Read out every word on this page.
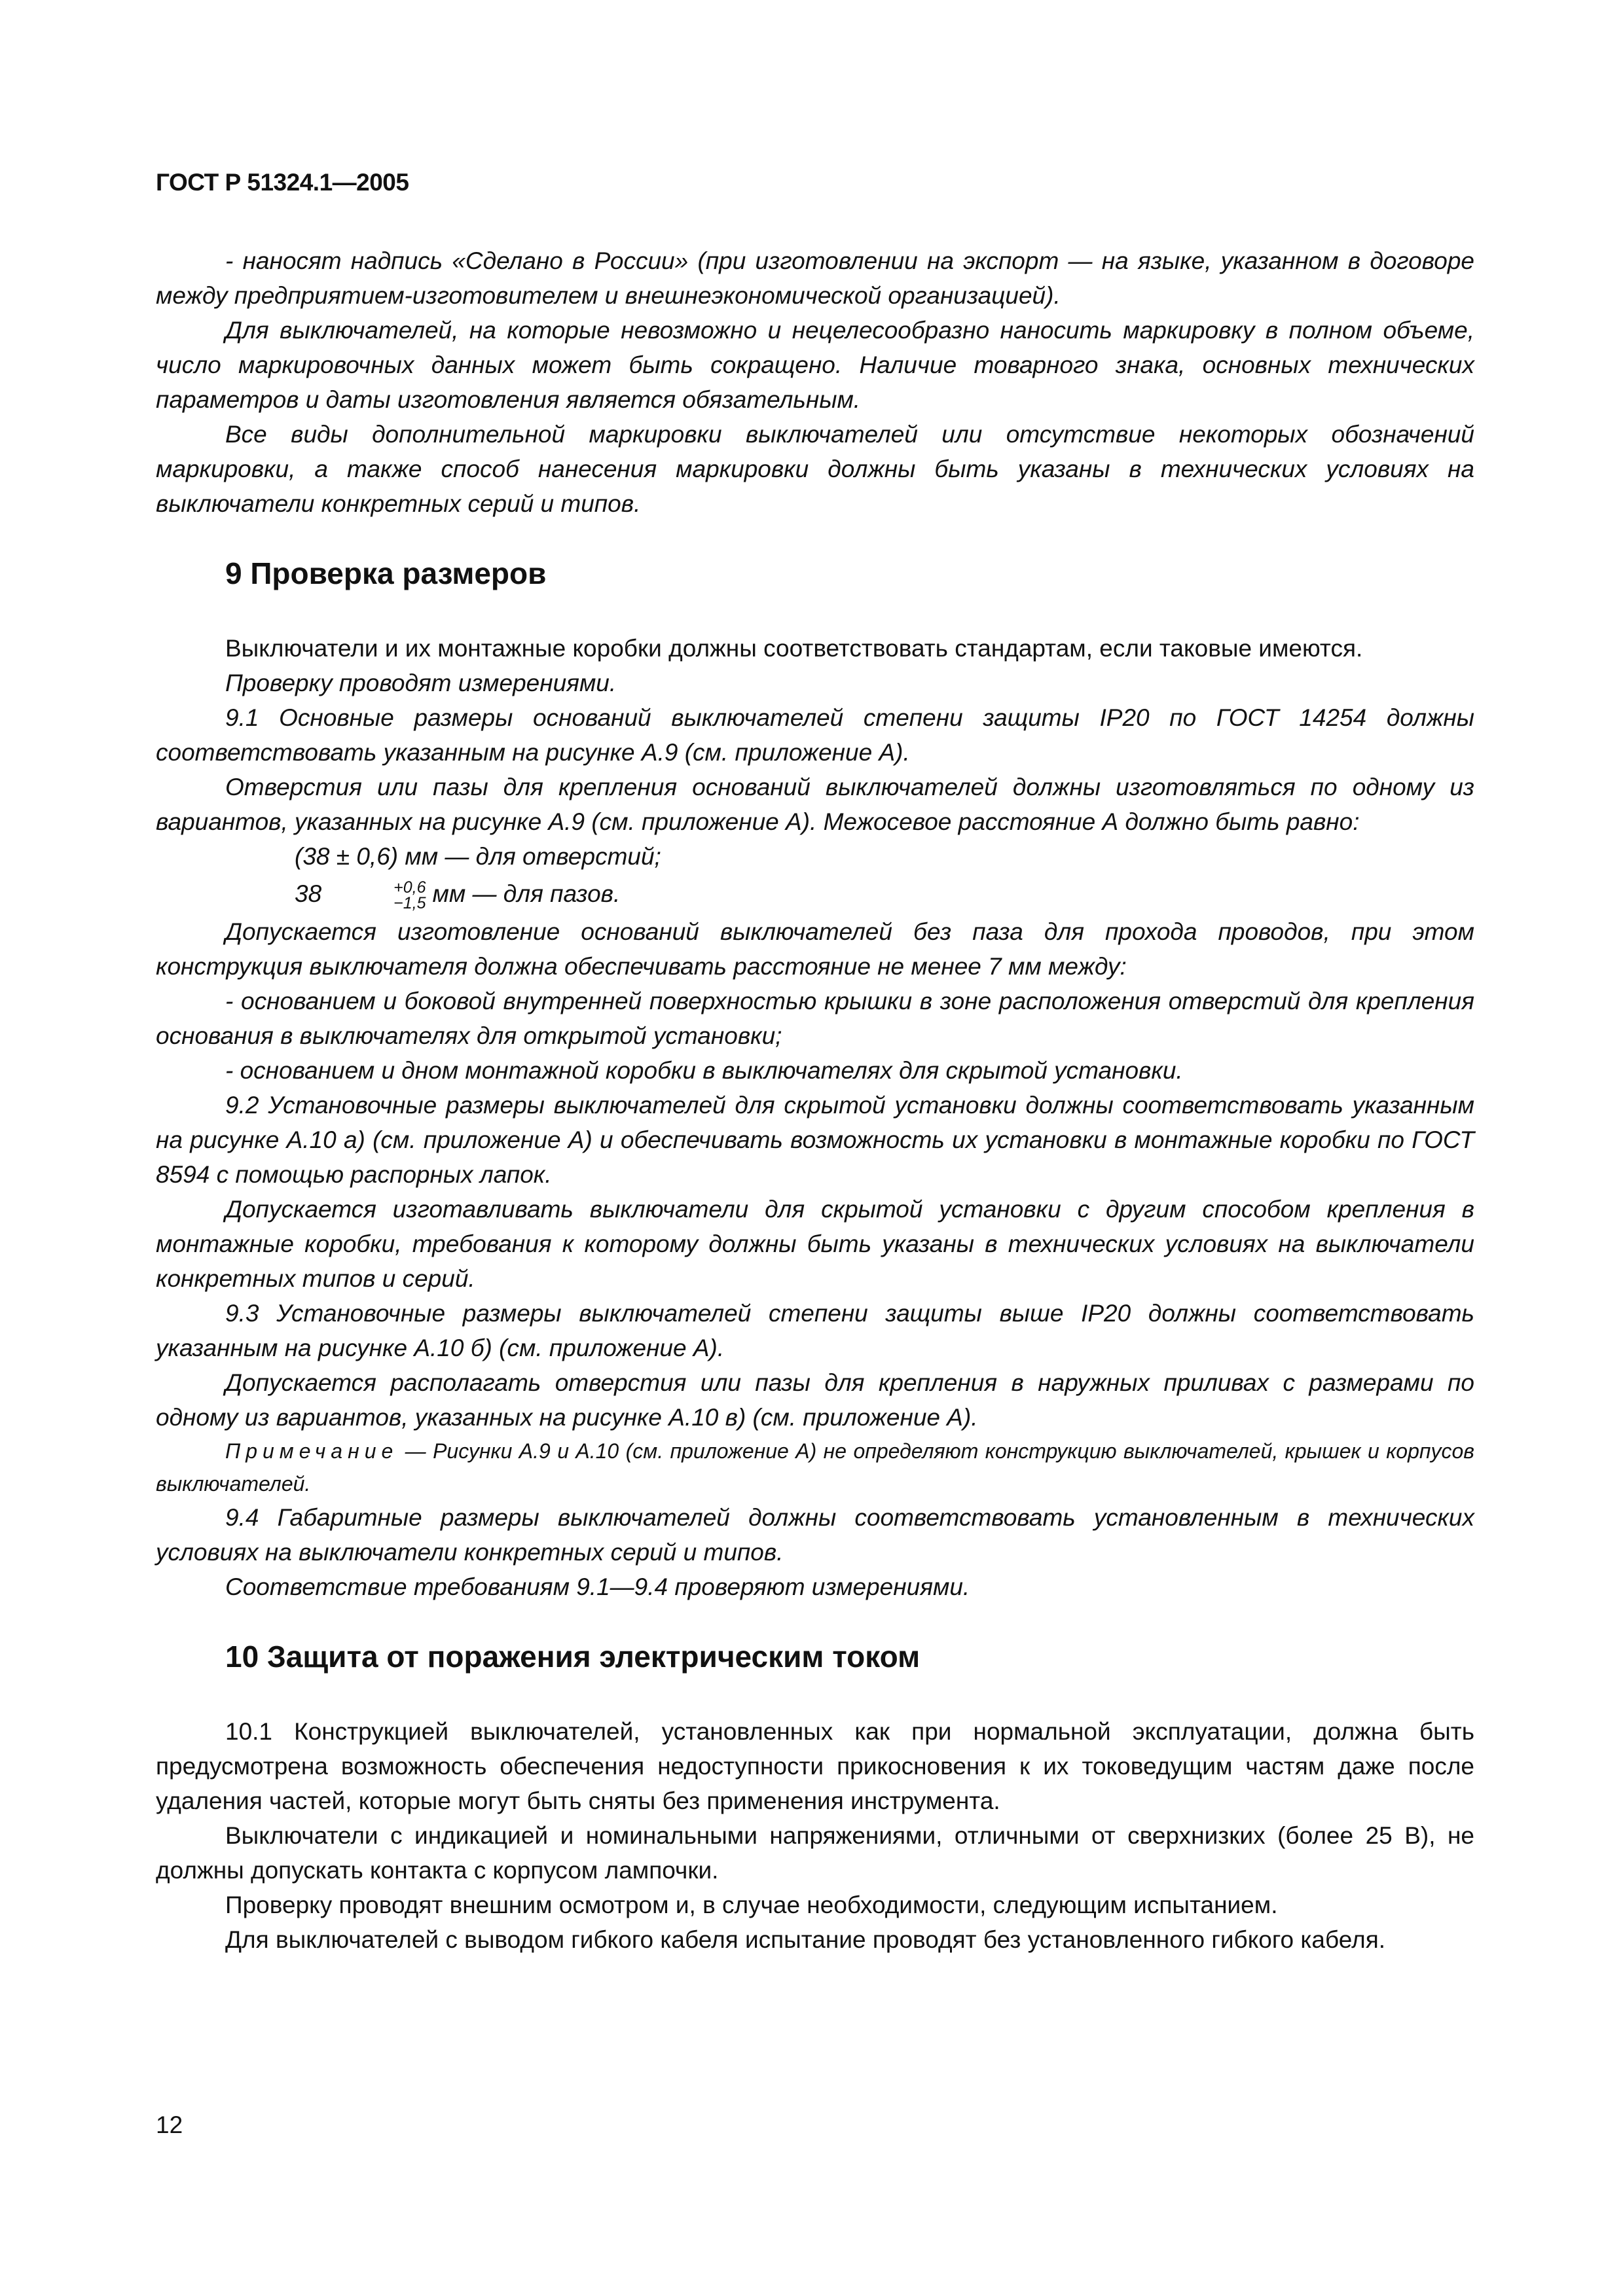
ГОСТ Р 51324.1—2005

- наносят надпись «Сделано в России» (при изготовлении на экспорт — на языке, указанном в договоре между предприятием-изготовителем и внешнеэкономической организацией).

Для выключателей, на которые невозможно и нецелесообразно наносить маркировку в полном объеме, число маркировочных данных может быть сокращено. Наличие товарного знака, основных технических параметров и даты изготовления является обязательным.

Все виды дополнительной маркировки выключателей или отсутствие некоторых обозначений маркировки, а также способ нанесения маркировки должны быть указаны в технических условиях на выключатели конкретных серий и типов.

9 Проверка размеров

Выключатели и их монтажные коробки должны соответствовать стандартам, если таковые имеются.

Проверку проводят измерениями.

9.1 Основные размеры оснований выключателей степени защиты IP20 по ГОСТ 14254 должны соответствовать указанным на рисунке А.9 (см. приложение А).

Отверстия или пазы для крепления оснований выключателей должны изготовляться по одному из вариантов, указанных на рисунке А.9 (см. приложение А). Межосевое расстояние А должно быть равно:

(38 ± 0,6) мм — для отверстий;

38	+0,6
−1,5 мм — для пазов.

Допускается изготовление оснований выключателей без паза для прохода проводов, при этом конструкция выключателя должна обеспечивать расстояние не менее 7 мм между:

- основанием и боковой внутренней поверхностью крышки в зоне расположения отверстий для крепления основания в выключателях для открытой установки;

- основанием и дном монтажной коробки в выключателях для скрытой установки.

9.2 Установочные размеры выключателей для скрытой установки должны соответствовать указанным на рисунке А.10 а) (см. приложение А) и обеспечивать возможность их установки в монтажные коробки по ГОСТ 8594 с помощью распорных лапок.

Допускается изготавливать выключатели для скрытой установки с другим способом крепления в монтажные коробки, требования к которому должны быть указаны в технических условиях на выключатели конкретных типов и серий.

9.3 Установочные размеры выключателей степени защиты выше IP20 должны соответствовать указанным на рисунке А.10 б) (см. приложение А).

Допускается располагать отверстия или пазы для крепления в наружных приливах с размерами по одному из вариантов, указанных на рисунке А.10 в) (см. приложение А).

Примечание — Рисунки А.9 и А.10 (см. приложение А) не определяют конструкцию выключателей, крышек и корпусов выключателей.

9.4 Габаритные размеры выключателей должны соответствовать установленным в технических условиях на выключатели конкретных серий и типов.

Соответствие требованиям 9.1—9.4 проверяют измерениями.

10 Защита от поражения электрическим током

10.1 Конструкцией выключателей, установленных как при нормальной эксплуатации, должна быть предусмотрена возможность обеспечения недоступности прикосновения к их токоведущим частям даже после удаления частей, которые могут быть сняты без применения инструмента.

Выключатели с индикацией и номинальными напряжениями, отличными от сверхнизких (более 25 В), не должны допускать контакта с корпусом лампочки.

Проверку проводят внешним осмотром и, в случае необходимости, следующим испытанием.

Для выключателей с выводом гибкого кабеля испытание проводят без установленного гибкого кабеля.

12
